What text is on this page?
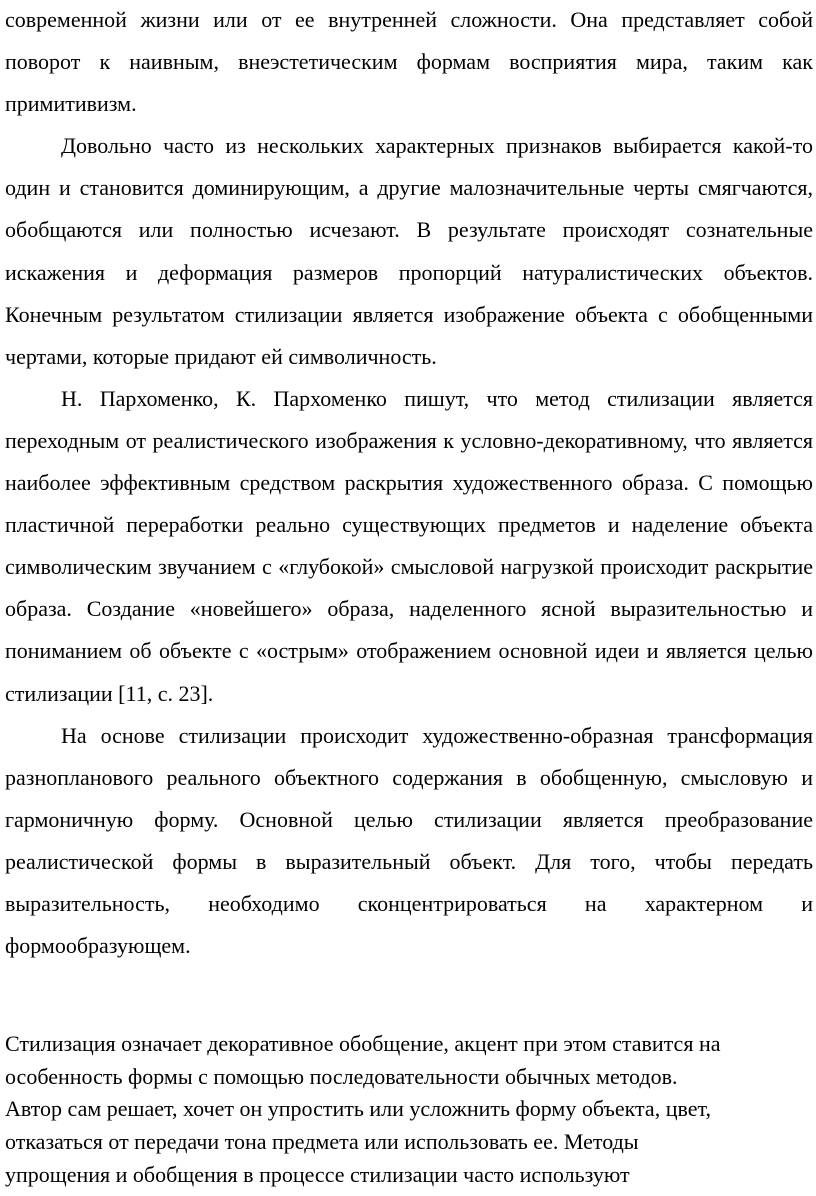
современной жизни или от ее внутренней сложности. Она представляет собой поворот к наивным, внеэстетическим формам восприятия мира, таким как примитивизм.

Довольно часто из нескольких характерных признаков выбирается какой-то один и становится доминирующим, а другие малозначительные черты смягчаются, обобщаются или полностью исчезают. В результате происходят сознательные искажения и деформация размеров пропорций натуралистических объектов. Конечным результатом стилизации является изображение объекта с обобщенными чертами, которые придают ей символичность.

Н. Пархоменко, К. Пархоменко пишут, что метод стилизации является переходным от реалистического изображения к условно-декоративному, что является наиболее эффективным средством раскрытия художественного образа. С помощью пластичной переработки реально существующих предметов и наделение объекта символическим звучанием с «глубокой» смысловой нагрузкой происходит раскрытие образа. Создание «новейшего» образа, наделенного ясной выразительностью и пониманием об объекте с «острым» отображением основной идеи и является целью стилизации [11, с. 23].

На основе стилизации происходит художественно-образная трансформация разнопланового реального объектного содержания в обобщенную, смысловую и гармоничную форму. Основной целью стилизации является преобразование реалистической формы в выразительный объект. Для того, чтобы передать выразительность, необходимо сконцентрироваться на характерном и формообразующем.

Стилизация означает декоративное обобщение, акцент при этом ставится на

особенность формы с помощью последовательности обычных методов.

Автор сам решает, хочет он упростить или усложнить форму объекта, цвет,

отказаться от передачи тона предмета или использовать ее. Методы

упрощения и обобщения в процессе стилизации часто используют
